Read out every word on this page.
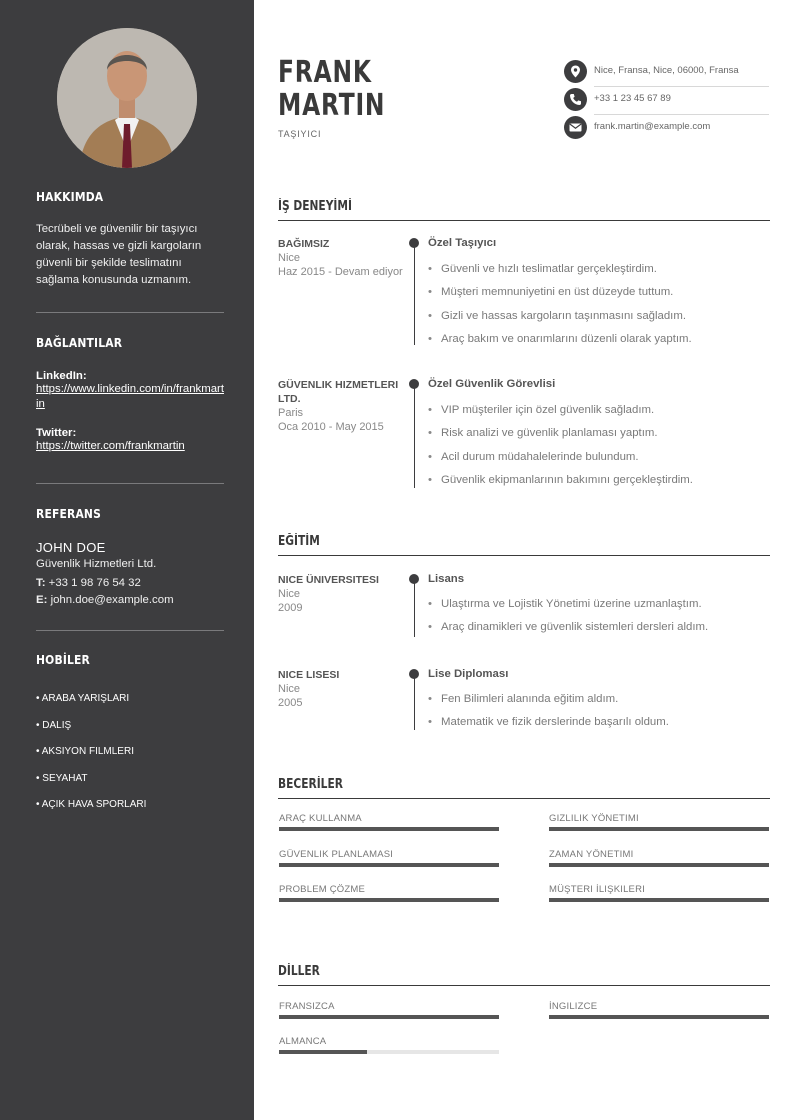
HAKKIMDA
Tecrübeli ve güvenilir bir taşıyıcı olarak, hassas ve gizli kargoların güvenli bir şekilde teslimatını sağlama konusunda uzmanım.
BAĞLANTILAR
LinkedIn:
https://www.linkedin.com/in/frankmartin
Twitter:
https://twitter.com/frankmartin
REFERANS
JOHN DOE
Güvenlik Hizmetleri Ltd.
T: +33 1 98 76 54 32
E: john.doe@example.com
HOBİLER
• ARABA YARIŞLARI
• DALIŞ
• AKSIYON FILMLERI
• SEYAHAT
• AÇIK HAVA SPORLARI
FRANK
MARTIN
TAŞIYICI
Nice, Fransa, Nice, 06000, Fransa
+33 1 23 45 67 89
frank.martin@example.com
İŞ DENEYİMİ
BAĞIMSIZ
Nice
Haz 2015 - Devam ediyor
Özel Taşıyıcı
• Güvenli ve hızlı teslimatlar gerçekleştirdim.
• Müşteri memnuniyetini en üst düzeyde tuttum.
• Gizli ve hassas kargoların taşınmasını sağladım.
• Araç bakım ve onarımlarını düzenli olarak yaptım.
GÜVENLIK HIZMETLERI LTD.
Paris
Oca 2010 - May 2015
Özel Güvenlik Görevlisi
• VIP müşteriler için özel güvenlik sağladım.
• Risk analizi ve güvenlik planlaması yaptım.
• Acil durum müdahalelerinde bulundum.
• Güvenlik ekipmanlarının bakımını gerçekleştirdim.
EĞİTİM
NICE ÜNIVERSITESI
Nice
2009
Lisans
• Ulaştırma ve Lojistik Yönetimi üzerine uzmanlaştım.
• Araç dinamikleri ve güvenlik sistemleri dersleri aldım.
NICE LISESI
Nice
2005
Lise Diploması
• Fen Bilimleri alanında eğitim aldım.
• Matematik ve fizik derslerinde başarılı oldum.
BECERİLER
ARAÇ KULLANMA	GIZLILIK YÖNETIMI
GÜVENLIK PLANLAMASI	ZAMAN YÖNETIMI
PROBLEM ÇÖZME	MÜŞTERI İLIŞKILERI
DİLLER
FRANSIZCA	İNGILIZCE
ALMANCA
